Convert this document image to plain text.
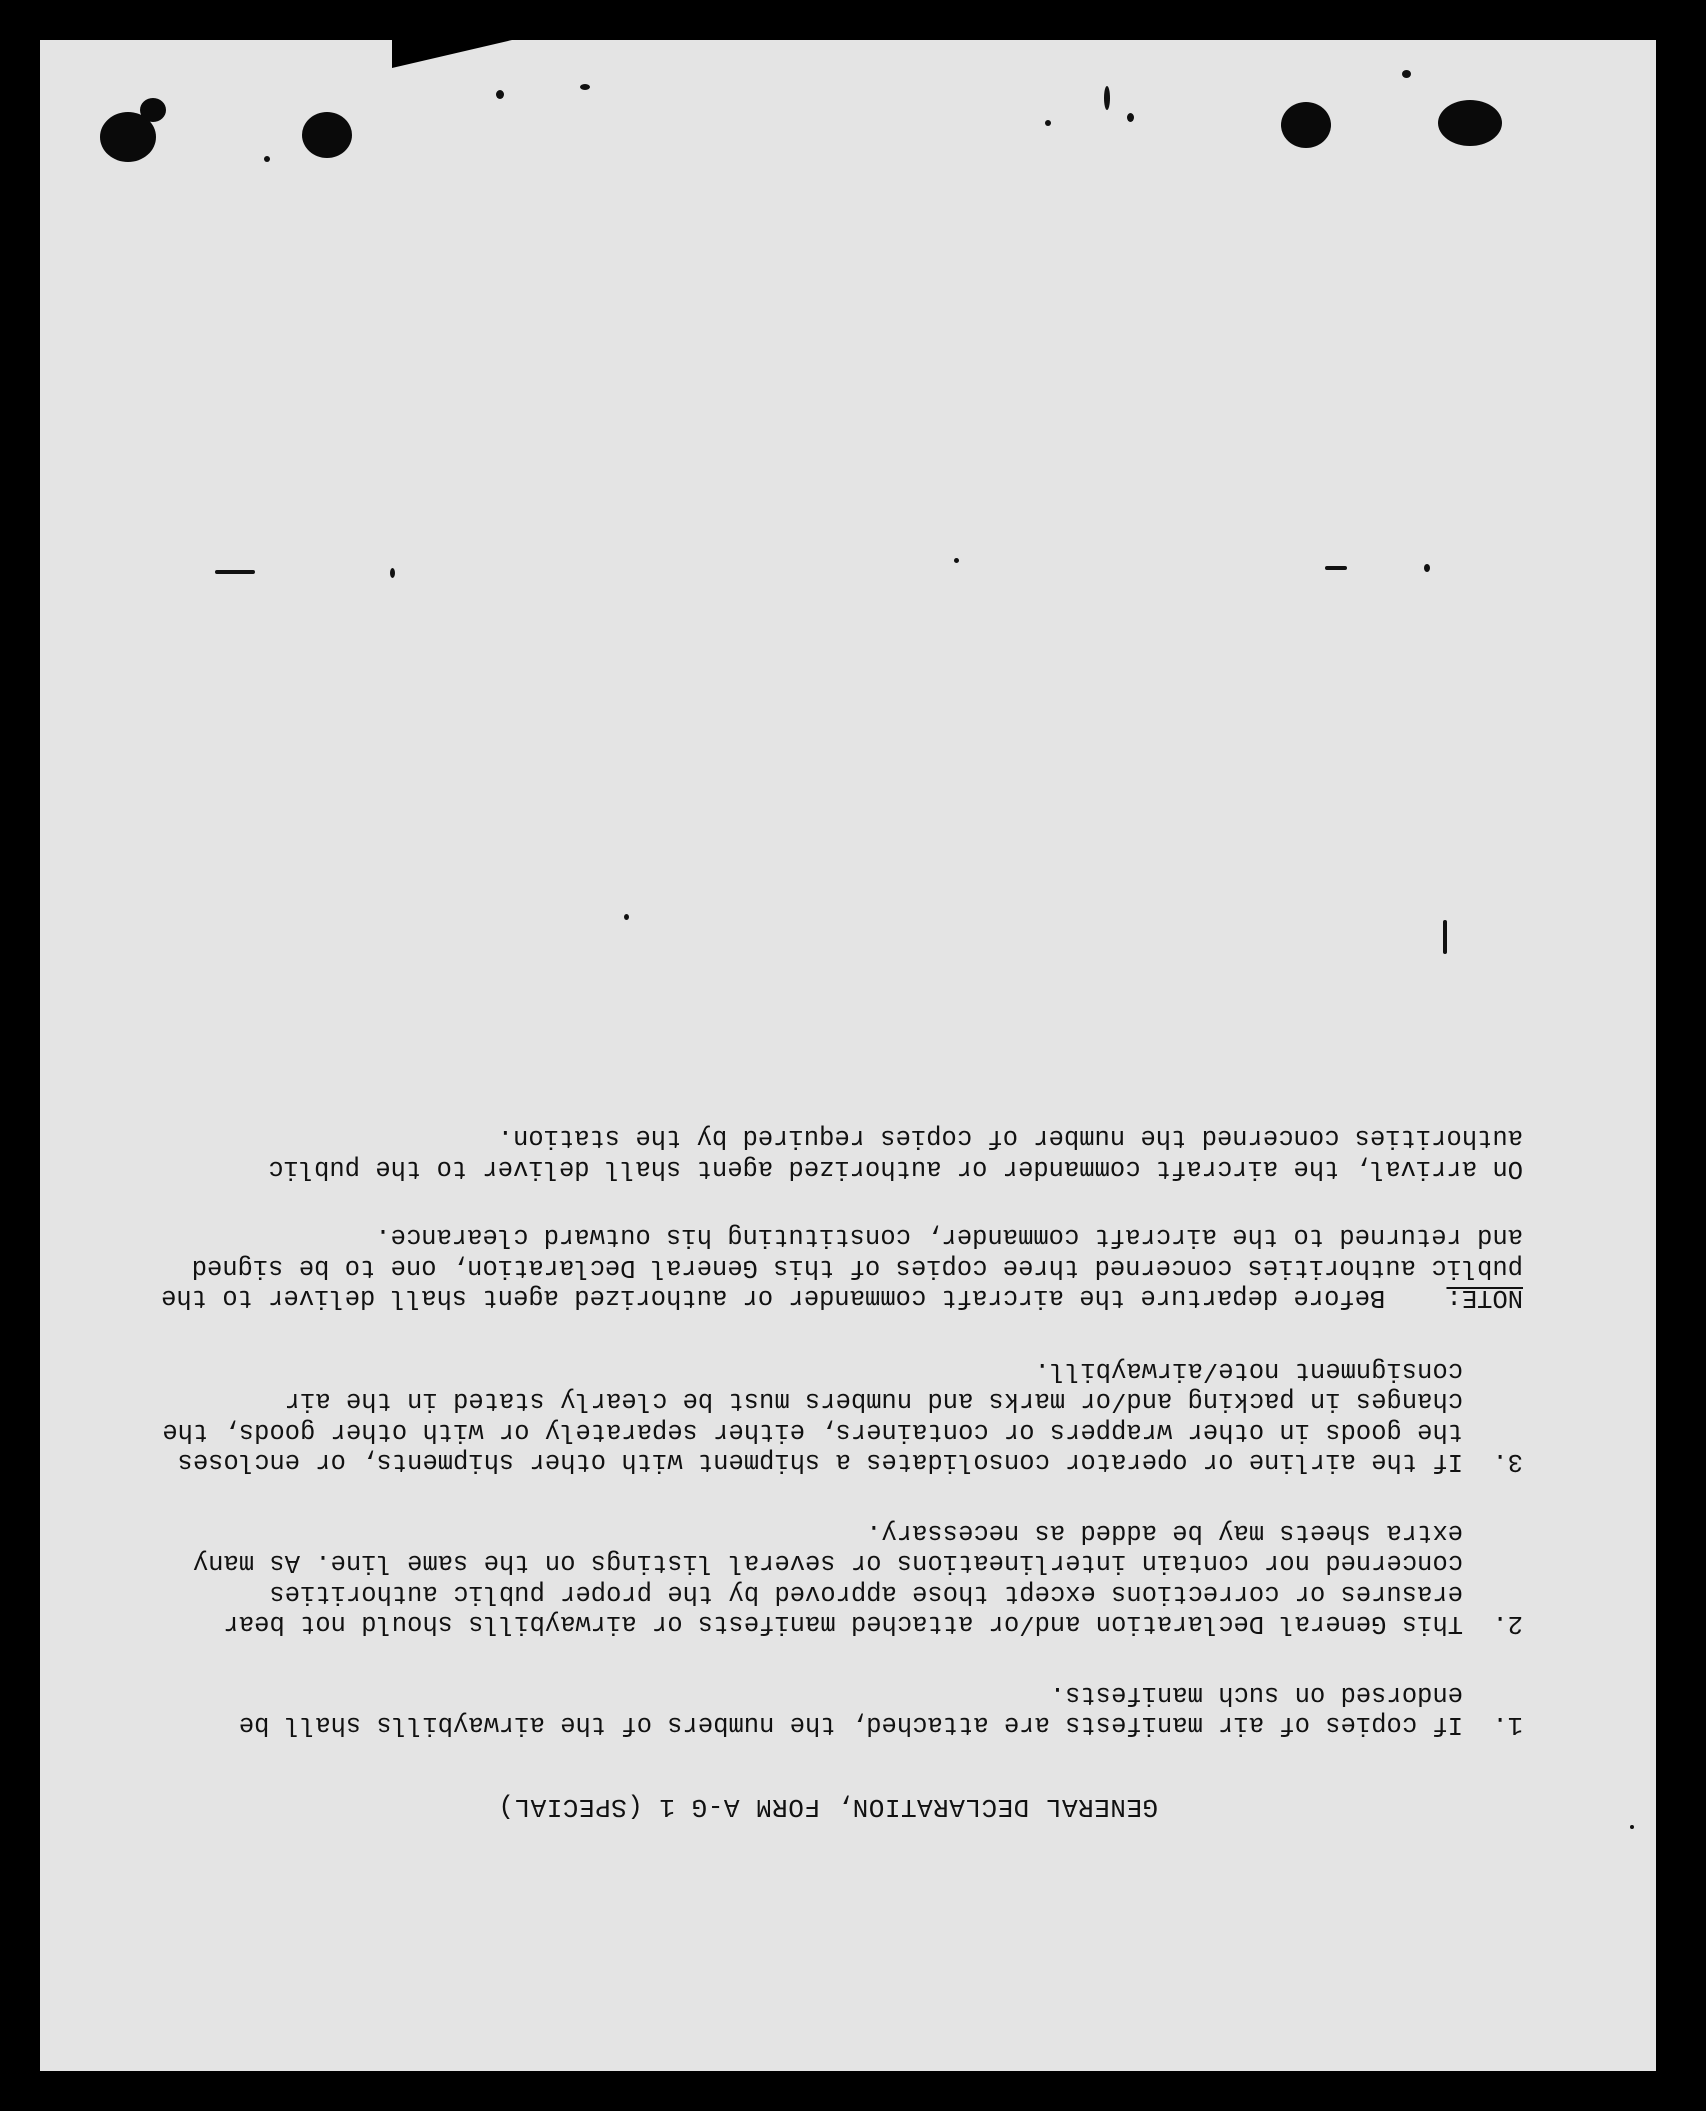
GENERAL DECLARATION, FORM A-G 1 (SPECIAL)
1.
If copies of air manifests are attached, the numbers of the airwaybills shall be endorsed on such manifests.
2.
This General Declaration and/or attached manifests or airwaybills should not bear erasures or corrections except those approved by the proper public authorities concerned nor contain interlineations or several listings on the same line. As many extra sheets may be added as necessary.
3.
If the airline or operator consolidates a shipment with other shipments, or encloses the goods in other wrappers or containers, either separately or with other goods, the changes in packing and/or marks and numbers must be clearly stated in the air consignment note/airwaybill.
NOTE:    Before departure the aircraft commander or authorized agent shall deliver to the public authorities concerned three copies of this General Declaration, one to be signed and returned to the aircraft commander, constituting his outward clearance.
On arrival, the aircraft commander or authorized agent shall deliver to the public authorities concerned the number of copies required by the station.
